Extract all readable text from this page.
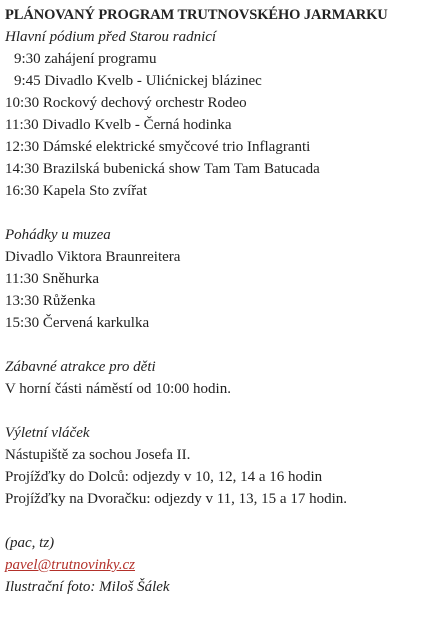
PLÁNOVANÝ PROGRAM TRUTNOVSKÉHO JARMARKU
Hlavní pódium před Starou radnicí
9:30 zahájení programu
9:45 Divadlo Kvelb - Ulićnickej blázinec
10:30 Rockový dechový orchestr Rodeo
11:30 Divadlo Kvelb - Černá hodinka
12:30 Dámské elektrické smyčcové trio Inflagranti
14:30 Brazilská bubenická show Tam Tam Batucada
16:30 Kapela Sto zvířat
Pohádky u muzea
Divadlo Viktora Braunreitera
11:30 Sněhurka
13:30 Růženka
15:30 Červená karkulka
Zábavné atrakce pro děti
V horní části náměstí od 10:00 hodin.
Výletní vláček
Nástupiště za sochou Josefa II.
Projížďky do Dolců: odjezdy v 10, 12, 14 a 16 hodin
Projížďky na Dvoračku: odjezdy v 11, 13, 15 a 17 hodin.
(pac, tz)
pavel@trutnovinky.cz
Ilustrační foto: Miloš Šálek
